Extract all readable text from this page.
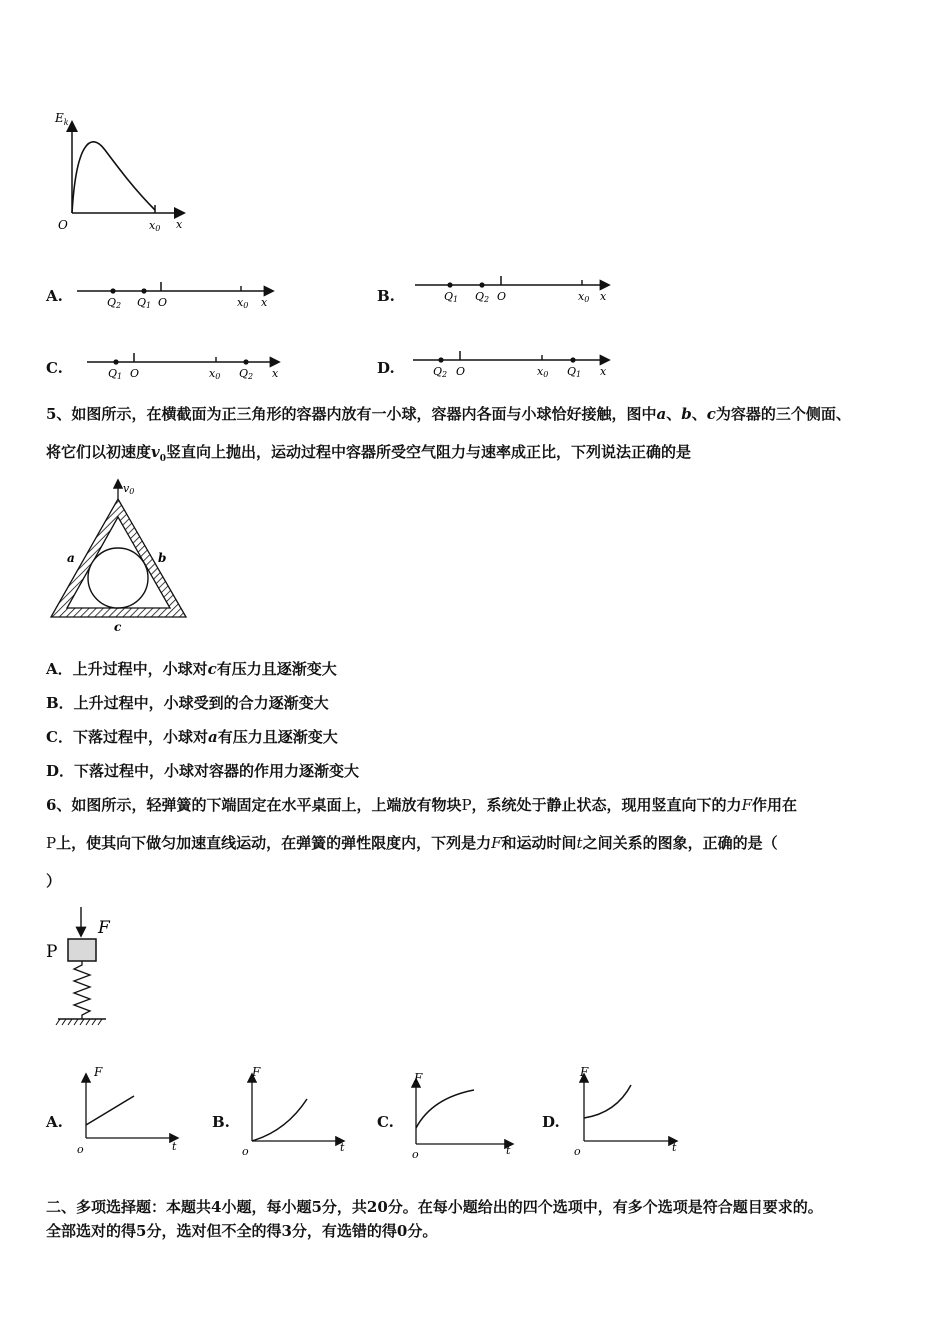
$E_k$
O	x0 x
A.	Q2 Q1 O	x0 x	B.	Q1 Q2 O	x0 x
C.	Q1 O	x0 Q2 x	D.	Q2 O	x0 Q1 x
5、如图所示，在横截面为正三角形的容器内放有一小球，容器内各面与小球恰好接触，图中a、b、c为容器的三个侧面、
将它们以初速度$v_0$竖直向上抛出，运动过程中容器所受空气阻力与速率成正比，下列说法正确的是
v0
a	b
c
A．上升过程中，小球对c有压力且逐渐变大
B．上升过程中，小球受到的合力逐渐变大
C．下落过程中，小球对a有压力且逐渐变大
D．下落过程中，小球对容器的作用力逐渐变大
6、如图所示，轻弹簧的下端固定在水平桌面上，上端放有物块P，系统处于静止状态，现用竖直向下的力F作用在
P上，使其向下做匀加速直线运动，在弹簧的弹性限度内，下列是力F和运动时间t之间关系的图象，正确的是（
）
P
F
A.
F
t
o
B.
F
t
o
C.
F
t
o
D.
F
t
o
二、多项选择题：本题共4小题，每小题5分，共20分。在每小题给出的四个选项中，有多个选项是符合题目要求的。
全部选对的得5分，选对但不全的得3分，有选错的得0分。
